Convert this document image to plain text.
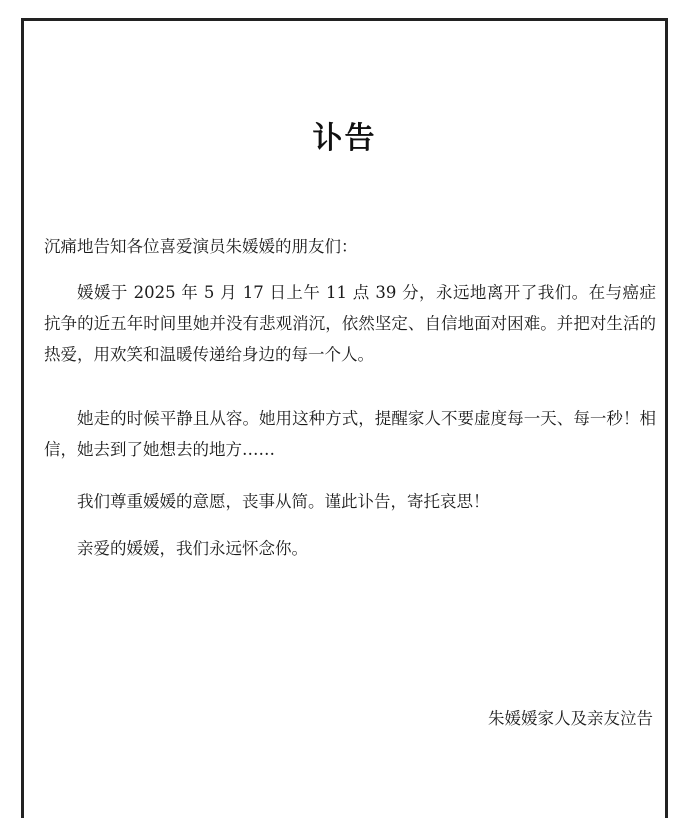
讣告
沉痛地告知各位喜爱演员朱媛媛的朋友们：
媛媛于 2025 年 5 月 17 日上午 11 点 39 分，永远地离开了我们。在与癌症抗争的近五年时间里她并没有悲观消沉，依然坚定、自信地面对困难。并把对生活的热爱，用欢笑和温暖传递给身边的每一个人。
她走的时候平静且从容。她用这种方式，提醒家人不要虚度每一天、每一秒！相信，她去到了她想去的地方……
我们尊重媛媛的意愿，丧事从简。谨此讣告，寄托哀思！
亲爱的媛媛，我们永远怀念你。
朱媛媛家人及亲友泣告
